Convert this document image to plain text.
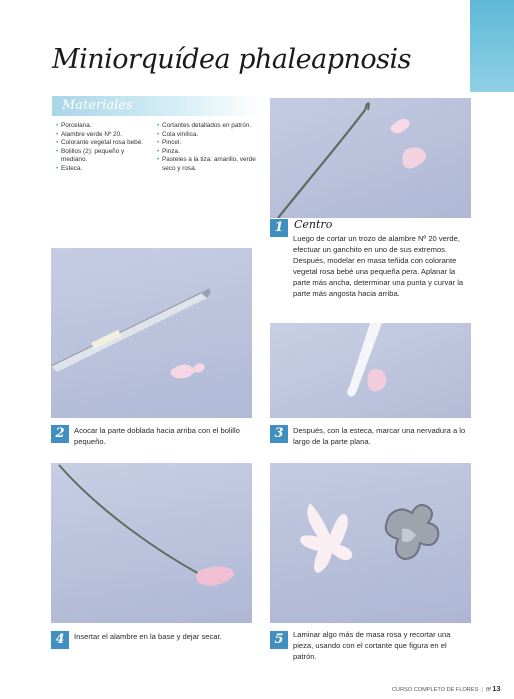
Miniorquídea phaleapnosis
Materiales
• Porcelana.
• Alambre verde Nº 20.
• Colorante vegetal rosa bebé.
• Bolillos (2): pequeño y mediano.
• Esteca.
• Cortantes detallados en patrón.
• Cola vinílica.
• Pincel.
• Pinza.
• Pasteles a la tiza: amarillo, verde seco y rosa.
1 Centro
Luego de cortar un trozo de alambre Nº 20 verde, efectuar un ganchito en uno de sus extremos. Después, modelar en masa teñida con colorante vegetal rosa bebé una pequeña pera. Aplanar la parte más ancha, determinar una punta y curvar la parte más angosta hacia arriba.
2	Acocar la parte doblada hacia arriba con el bolillo pequeño.
3	Después, con la esteca, marcar una nervadura a lo largo de la parte plana.
4	Insertar el alambre en la base y dejar secar.	5	Laminar algo más de masa rosa y recortar una pieza, usando con el cortante que figura en el patrón.
CURSO COMPLETO DE FLORES  |  fff 13
